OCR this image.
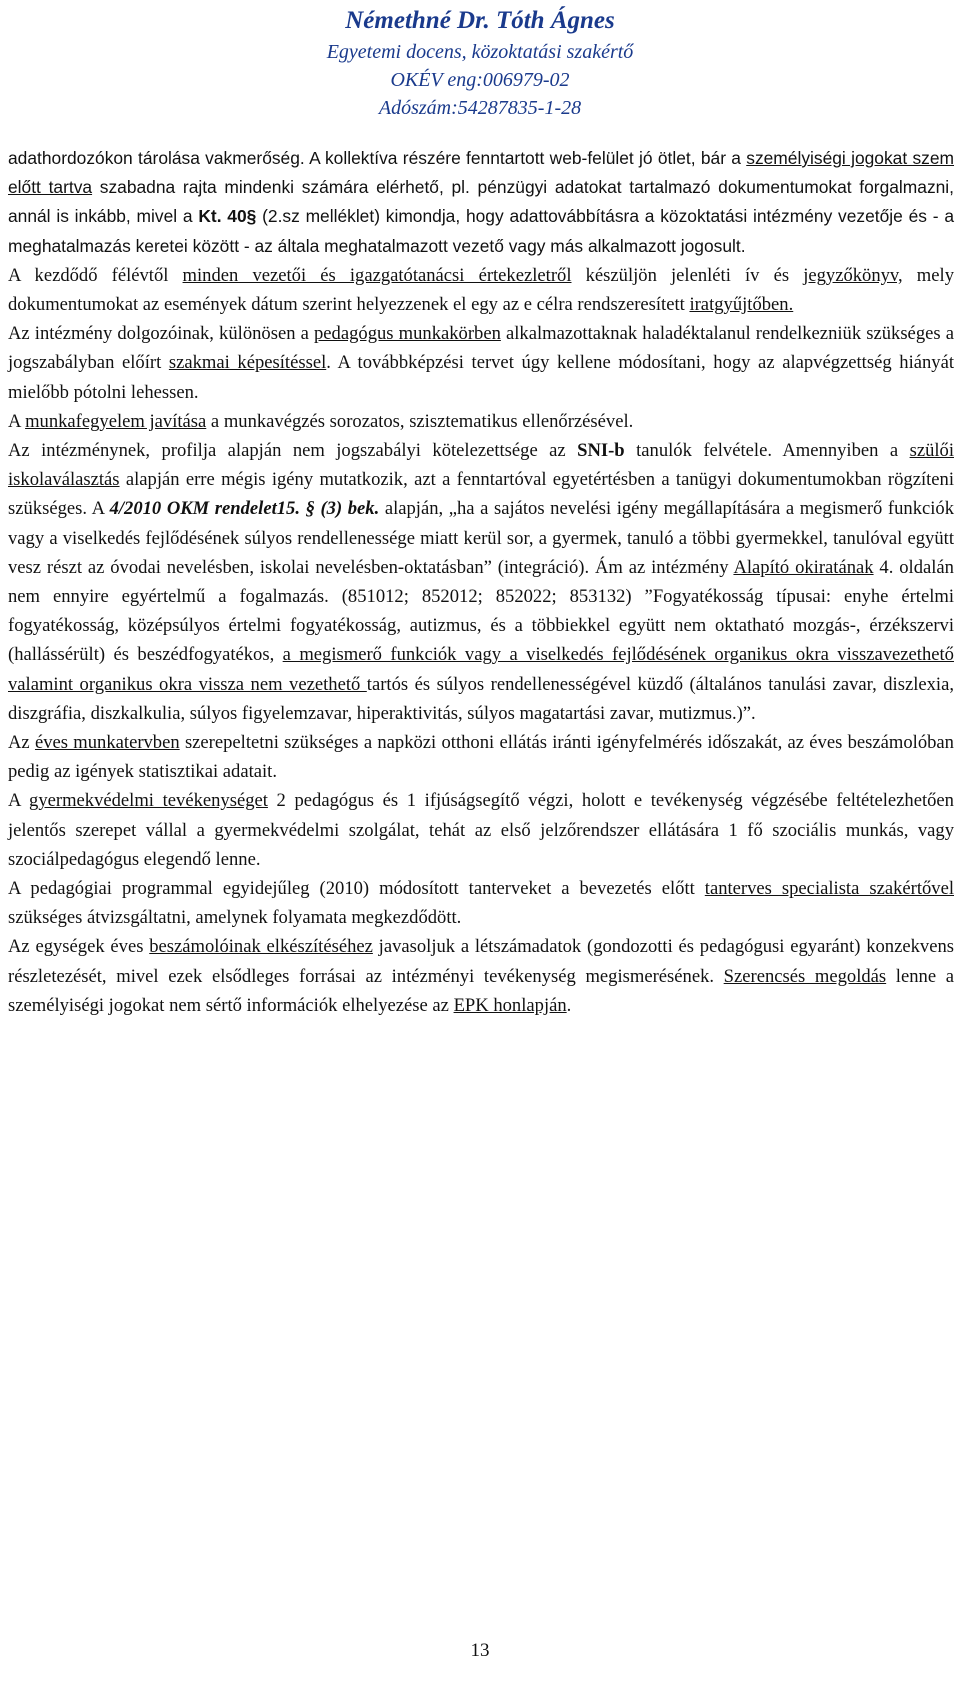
Némethné Dr. Tóth Ágnes
Egyetemi docens, közoktatási szakértő
OKÉV eng:006979-02
Adószám:54287835-1-28

adathordozókon tárolása vakmerőség. A kollektíva részére fenntartott web-felület jó ötlet, bár a személyiségi jogokat szem előtt tartva szabadna rajta mindenki számára elérhető, pl. pénzügyi adatokat tartalmazó dokumentumokat forgalmazni, annál is inkább, mivel a Kt. 40§ (2.sz melléklet) kimondja, hogy adattovábbításra a közoktatási intézmény vezetője és - a meghatalmazás keretei között - az általa meghatalmazott vezető vagy más alkalmazott jogosult.

A kezdődő félévtől minden vezetői és igazgatótanácsi értekezletről készüljön jelenléti ív és jegyzőkönyv, mely dokumentumokat az események dátum szerint helyezzenek el egy az e célra rendszeresített iratgyűjtőben.

Az intézmény dolgozóinak, különösen a pedagógus munkakörben alkalmazottaknak haladéktalanul rendelkezniük szükséges a jogszabályban előírt szakmai képesítéssel. A továbbképzési tervet úgy kellene módosítani, hogy az alapvégzettség hiányát mielőbb pótolni lehessen.

A munkafegyelem javítása a munkavégzés sorozatos, szisztematikus ellenőrzésével.

Az intézménynek, profilja alapján nem jogszabályi kötelezettsége az SNI-b tanulók felvétele. Amennyiben a szülői iskolaválasztás alapján erre mégis igény mutatkozik, azt a fenntartóval egyetértésben a tanügyi dokumentumokban rögzíteni szükséges. A 4/2010 OKM rendelet15. § (3) bek. alapján, „ha a sajátos nevelési igény megállapítására a megismerő funkciók vagy a viselkedés fejlődésének súlyos rendellenessége miatt kerül sor, a gyermek, tanuló a többi gyermekkel, tanulóval együtt vesz részt az óvodai nevelésben, iskolai nevelésben-oktatásban” (integráció). Ám az intézmény Alapító okiratának 4. oldalán nem ennyire egyértelmű a fogalmazás. (851012; 852012; 852022; 853132) ”Fogyatékosság típusai: enyhe értelmi fogyatékosság, középsúlyos értelmi fogyatékosság, autizmus, és a többiekkel együtt nem oktatható mozgás-, érzékszervi (hallássérült) és beszédfogyatékos, a megismerő funkciók vagy a viselkedés fejlődésének organikus okra visszavezethető valamint organikus okra vissza nem vezethető tartós és súlyos rendellenességével küzdő (általános tanulási zavar, diszlexia, diszgráfia, diszkalkulia, súlyos figyelemzavar, hiperaktivitás, súlyos magatartási zavar, mutizmus.)”.

Az éves munkatervben szerepeltetni szükséges a napközi otthoni ellátás iránti igényfelmérés időszakát, az éves beszámolóban pedig az igények statisztikai adatait.

A gyermekvédelmi tevékenységet 2 pedagógus és 1 ifjúságsegítő végzi, holott e tevékenység végzésébe feltételezhetően jelentős szerepet vállal a gyermekvédelmi szolgálat, tehát az első jelzőrendszer ellátására 1 fő szociális munkás, vagy szociálpedagógus elegendő lenne.

A pedagógiai programmal egyidejűleg (2010) módosított tanterveket a bevezetés előtt tanterves specialista szakértővel szükséges átvizsgáltatni, amelynek folyamata megkezdődött.

Az egységek éves beszámolóinak elkészítéséhez javasoljuk a létszámadatok (gondozotti és pedagógusi egyaránt) konzekvens részletezését, mivel ezek elsődleges forrásai az intézményi tevékenység megismerésének. Szerencsés megoldás lenne a személyiségi jogokat nem sértő információk elhelyezése az EPK honlapján.

13
